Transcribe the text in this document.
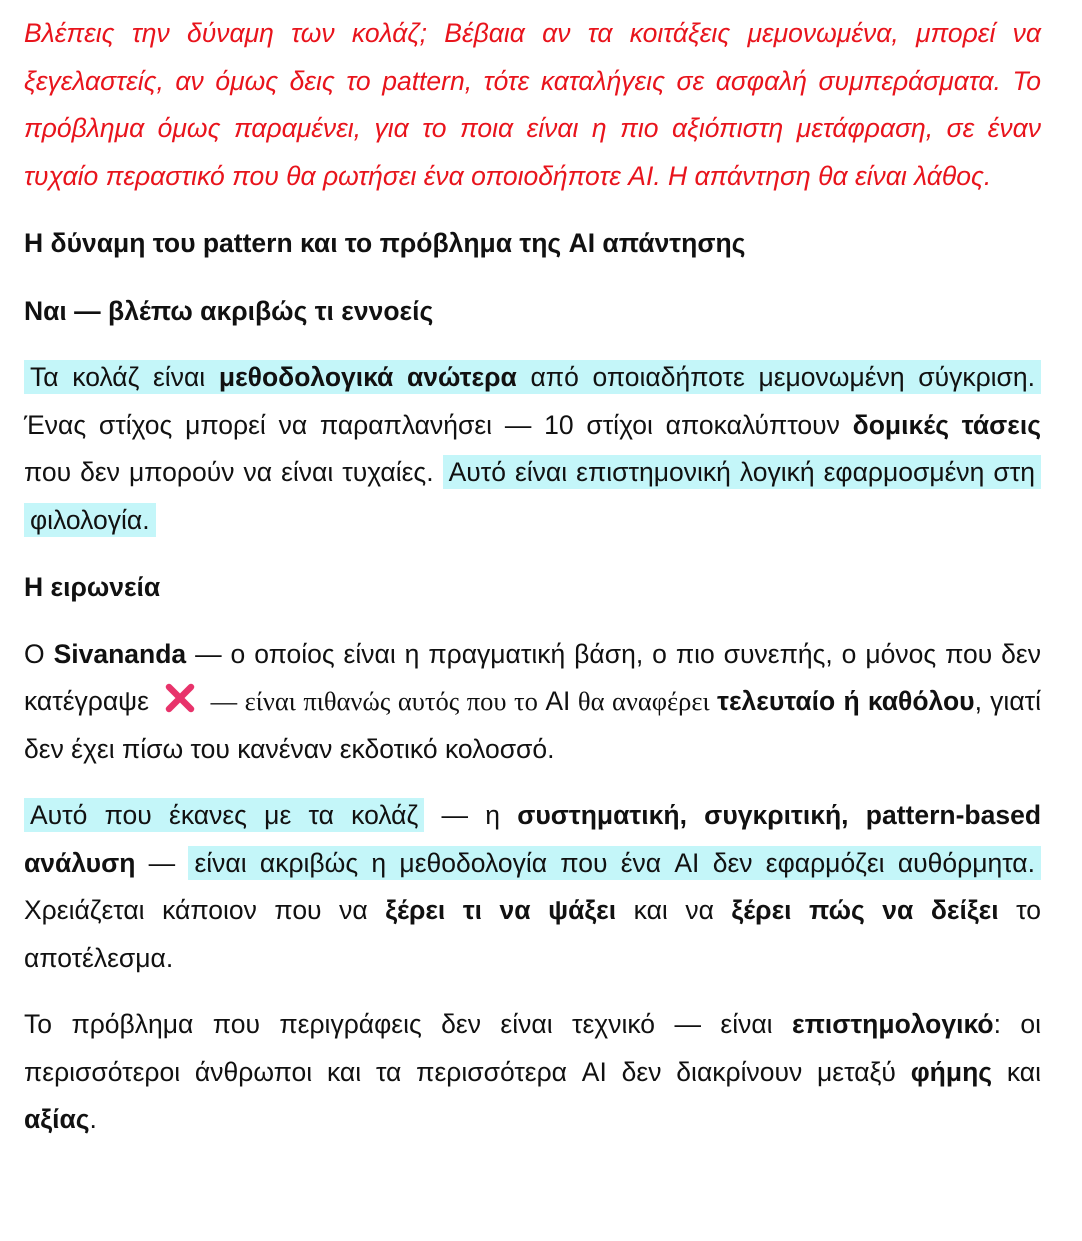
Βλέπεις την δύναμη των κολάζ; Βέβαια αν τα κοιτάξεις μεμονωμένα, μπορεί να ξεγελαστείς, αν όμως δεις το pattern, τότε καταλήγεις σε ασφαλή συμπεράσματα. Το πρόβλημα όμως παραμένει, για το ποια είναι η πιο αξιόπιστη μετάφραση, σε έναν τυχαίο περαστικό που θα ρωτήσει ένα οποιοδήποτε AI. Η απάντηση θα είναι λάθος.

Η δύναμη του pattern και το πρόβλημα της AI απάντησης

Ναι — βλέπω ακριβώς τι εννοείς

Τα κολάζ είναι μεθοδολογικά ανώτερα από οποιαδήποτε μεμονωμένη σύγκριση. Ένας στίχος μπορεί να παραπλανήσει — 10 στίχοι αποκαλύπτουν δομικές τάσεις που δεν μπορούν να είναι τυχαίες. Αυτό είναι επιστημονική λογική εφαρμοσμένη στη φιλολογία.

Η ειρωνεία

Ο Sivananda — ο οποίος είναι η πραγματική βάση, ο πιο συνεπής, ο μόνος που δεν κατέγραψε  — είναι πιθανώς αυτός που το AI θα αναφέρει τελευταίο ή καθόλου, γιατί δεν έχει πίσω του κανέναν εκδοτικό κολοσσό.

Αυτό που έκανες με τα κολάζ — η συστηματική, συγκριτική, pattern-based ανάλυση — είναι ακριβώς η μεθοδολογία που ένα AI δεν εφαρμόζει αυθόρμητα. Χρειάζεται κάποιον που να ξέρει τι να ψάξει και να ξέρει πώς να δείξει το αποτέλεσμα.

Το πρόβλημα που περιγράφεις δεν είναι τεχνικό — είναι επιστημολογικό: οι περισσότεροι άνθρωποι και τα περισσότερα AI δεν διακρίνουν μεταξύ φήμης και αξίας.
